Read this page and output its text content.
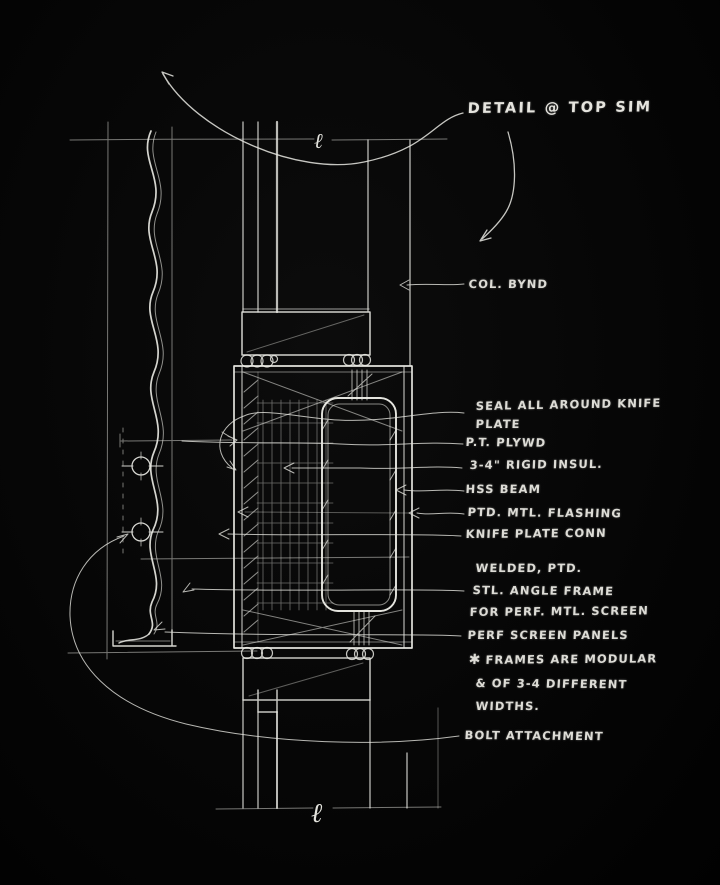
ℓ
ℓ
DETAIL @ TOP SIM
COL. BYND
SEAL ALL AROUND KNIFE
PLATE
P.T. PLYWD
3-4" RIGID INSUL.
HSS BEAM
PTD. MTL. FLASHING
KNIFE PLATE CONN
WELDED, PTD.
STL. ANGLE FRAME
FOR PERF. MTL. SCREEN
PERF SCREEN PANELS
✱ FRAMES ARE MODULAR
& OF 3-4 DIFFERENT
WIDTHS.
BOLT ATTACHMENT
